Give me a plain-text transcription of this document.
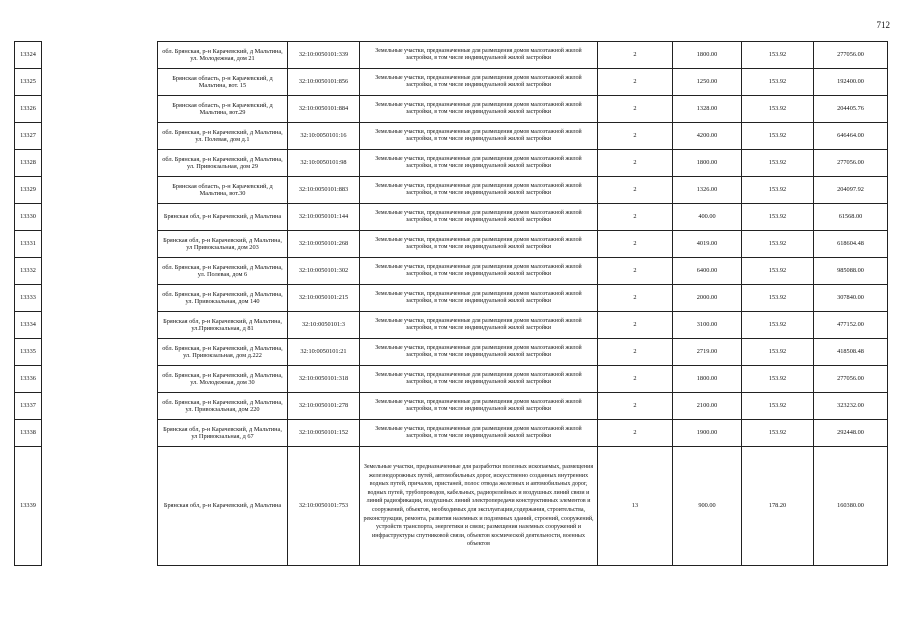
712
13324		обл. Брянская, р-н Карачевский, д Мальтина, ул. Молодежная, дом 21	32:10:0050101:339	Земельные участки, предназначенные для размещения домов малоэтажной жилой застройки, в том числе индивидуальной жилой застройки	2	1800.00	153.92	277056.00
13325		Брянская область, р-н Карачевский, д Мальтина, вот. 15	32:10:0050101:856	Земельные участки, предназначенные для размещения домов малоэтажной жилой застройки, в том числе индивидуальной жилой застройки	2	1250.00	153.92	192400.00
13326		Брянская область, р-н Карачевский, д Мальтина, вот.29	32:10:0050101:884	Земельные участки, предназначенные для размещения домов малоэтажной жилой застройки, в том числе индивидуальной жилой застройки	2	1328.00	153.92	204405.76
13327		обл. Брянская, р-н Карачевский, д Мальтина, ул. Полевая, дом д.1	32:10:0050101:16	Земельные участки, предназначенные для размещения домов малоэтажной жилой застройки, в том числе индивидуальной жилой застройки	2	4200.00	153.92	646464.00
13328		обл. Брянская, р-н Карачевский, д Мальтина, ул. Привокзальная, дом 29	32:10:0050101:98	Земельные участки, предназначенные для размещения домов малоэтажной жилой застройки, в том числе индивидуальной жилой застройки	2	1800.00	153.92	277056.00
13329		Брянская область, р-н Карачевский, д Мальтина, вот.30	32:10:0050101:883	Земельные участки, предназначенные для размещения домов малоэтажной жилой застройки, в том числе индивидуальной жилой застройки	2	1326.00	153.92	204097.92
13330		Брянская обл, р-н Карачевский, д Мальтина	32:10:0050101:144	Земельные участки, предназначенные для размещения домов малоэтажной жилой застройки, в том числе индивидуальной жилой застройки	2	400.00	153.92	61568.00
13331		Брянская обл, р-н Карачевский, д Мальтина, ул Привокзальная, дом 203	32:10:0050101:268	Земельные участки, предназначенные для размещения домов малоэтажной жилой застройки, в том числе индивидуальной жилой застройки	2	4019.00	153.92	618604.48
13332		обл. Брянская, р-н Карачевский, д Мальтина, ул. Полевая, дом 6	32:10:0050101:302	Земельные участки, предназначенные для размещения домов малоэтажной жилой застройки, в том числе индивидуальной жилой застройки	2	6400.00	153.92	985088.00
13333		обл. Брянская, р-н Карачевский, д Мальтина, ул. Привокзальная, дом 140	32:10:0050101:215	Земельные участки, предназначенные для размещения домов малоэтажной жилой застройки, в том числе индивидуальной жилой застройки	2	2000.00	153.92	307840.00
13334		Брянская обл, р-н Карачевский, д Мальтина, ул.Привокзальная, д 81	32:10:0050101:3	Земельные участки, предназначенные для размещения домов малоэтажной жилой застройки, в том числе индивидуальной жилой застройки	2	3100.00	153.92	477152.00
13335		обл. Брянская, р-н Карачевский, д Мальтина, ул. Привокзальная, дом д.222	32:10:0050101:21	Земельные участки, предназначенные для размещения домов малоэтажной жилой застройки, в том числе индивидуальной жилой застройки	2	2719.00	153.92	418508.48
13336		обл. Брянская, р-н Карачевский, д Мальтина, ул. Молодежная, дом 30	32:10:0050101:318	Земельные участки, предназначенные для размещения домов малоэтажной жилой застройки, в том числе индивидуальной жилой застройки	2	1800.00	153.92	277056.00
13337		обл. Брянская, р-н Карачевский, д Мальтина, ул. Привокзальная, дом 220	32:10:0050101:278	Земельные участки, предназначенные для размещения домов малоэтажной жилой застройки, в том числе индивидуальной жилой застройки	2	2100.00	153.92	323232.00
13338		Брянская обл, р-н Карачевский, д Мальтина, ул Привокзальная, д 67	32:10:0050101:152	Земельные участки, предназначенные для размещения домов малоэтажной жилой застройки, в том числе индивидуальной жилой застройки	2	1900.00	153.92	292448.00
13339		Брянская обл, р-н Карачевский, д Мальтина	32:10:0050101:753	Земельные участки, предназначенные для разработки полезных ископаемых, размещения железнодорожных путей, автомобильных дорог, искусственно созданных внутренних водных путей, причалов, пристаней, полос отвода железных и автомобильных дорог, водных путей, трубопроводов, кабельных, радиорелейных и воздушных линий связи и линий радиофикации, воздушных линий электропередачи конструктивных элементов и сооружений, объектов, необходимых для эксплуатации,содержания, строительства, реконструкции, ремонта, развития наземных и подземных зданий, строений, сооружений, устройств транспорта, энергетики и связи; размещения наземных сооружений и инфраструктуры спутниковой связи, объектов космической деятельности, военных объектов	13	900.00	178.20	160380.00
